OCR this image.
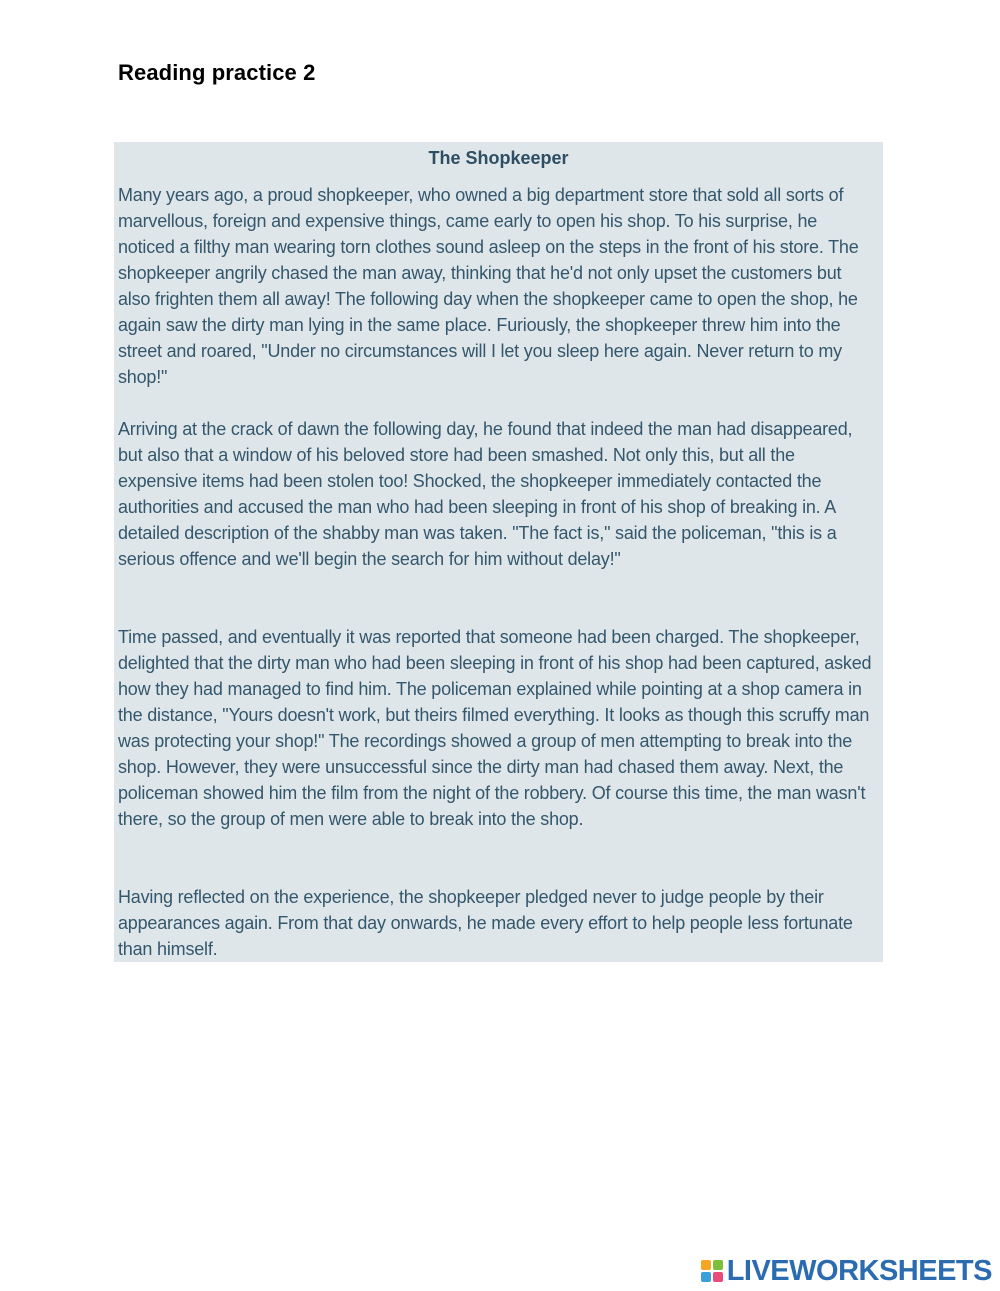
Reading practice 2
The Shopkeeper

Many years ago, a proud shopkeeper, who owned a big department store that sold all sorts of marvellous, foreign and expensive things, came early to open his shop. To his surprise, he noticed a filthy man wearing torn clothes sound asleep on the steps in the front of his store. The shopkeeper angrily chased the man away, thinking that he'd not only upset the customers but also frighten them all away! The following day when the shopkeeper came to open the shop, he again saw the dirty man lying in the same place. Furiously, the shopkeeper threw him into the street and roared, "Under no circumstances will I let you sleep here again. Never return to my shop!"

Arriving at the crack of dawn the following day, he found that indeed the man had disappeared, but also that a window of his beloved store had been smashed. Not only this, but all the expensive items had been stolen too! Shocked, the shopkeeper immediately contacted the authorities and accused the man who had been sleeping in front of his shop of breaking in. A detailed description of the shabby man was taken. "The fact is," said the policeman, "this is a serious offence and we'll begin the search for him without delay!"

Time passed, and eventually it was reported that someone had been charged. The shopkeeper, delighted that the dirty man who had been sleeping in front of his shop had been captured, asked how they had managed to find him. The policeman explained while pointing at a shop camera in the distance, "Yours doesn't work, but theirs filmed everything. It looks as though this scruffy man was protecting your shop!" The recordings showed a group of men attempting to break into the shop. However, they were unsuccessful since the dirty man had chased them away. Next, the policeman showed him the film from the night of the robbery. Of course this time, the man wasn't there, so the group of men were able to break into the shop.

Having reflected on the experience, the shopkeeper pledged never to judge people by their appearances again. From that day onwards, he made every effort to help people less fortunate than himself.

LIVEWORKSHEETS
